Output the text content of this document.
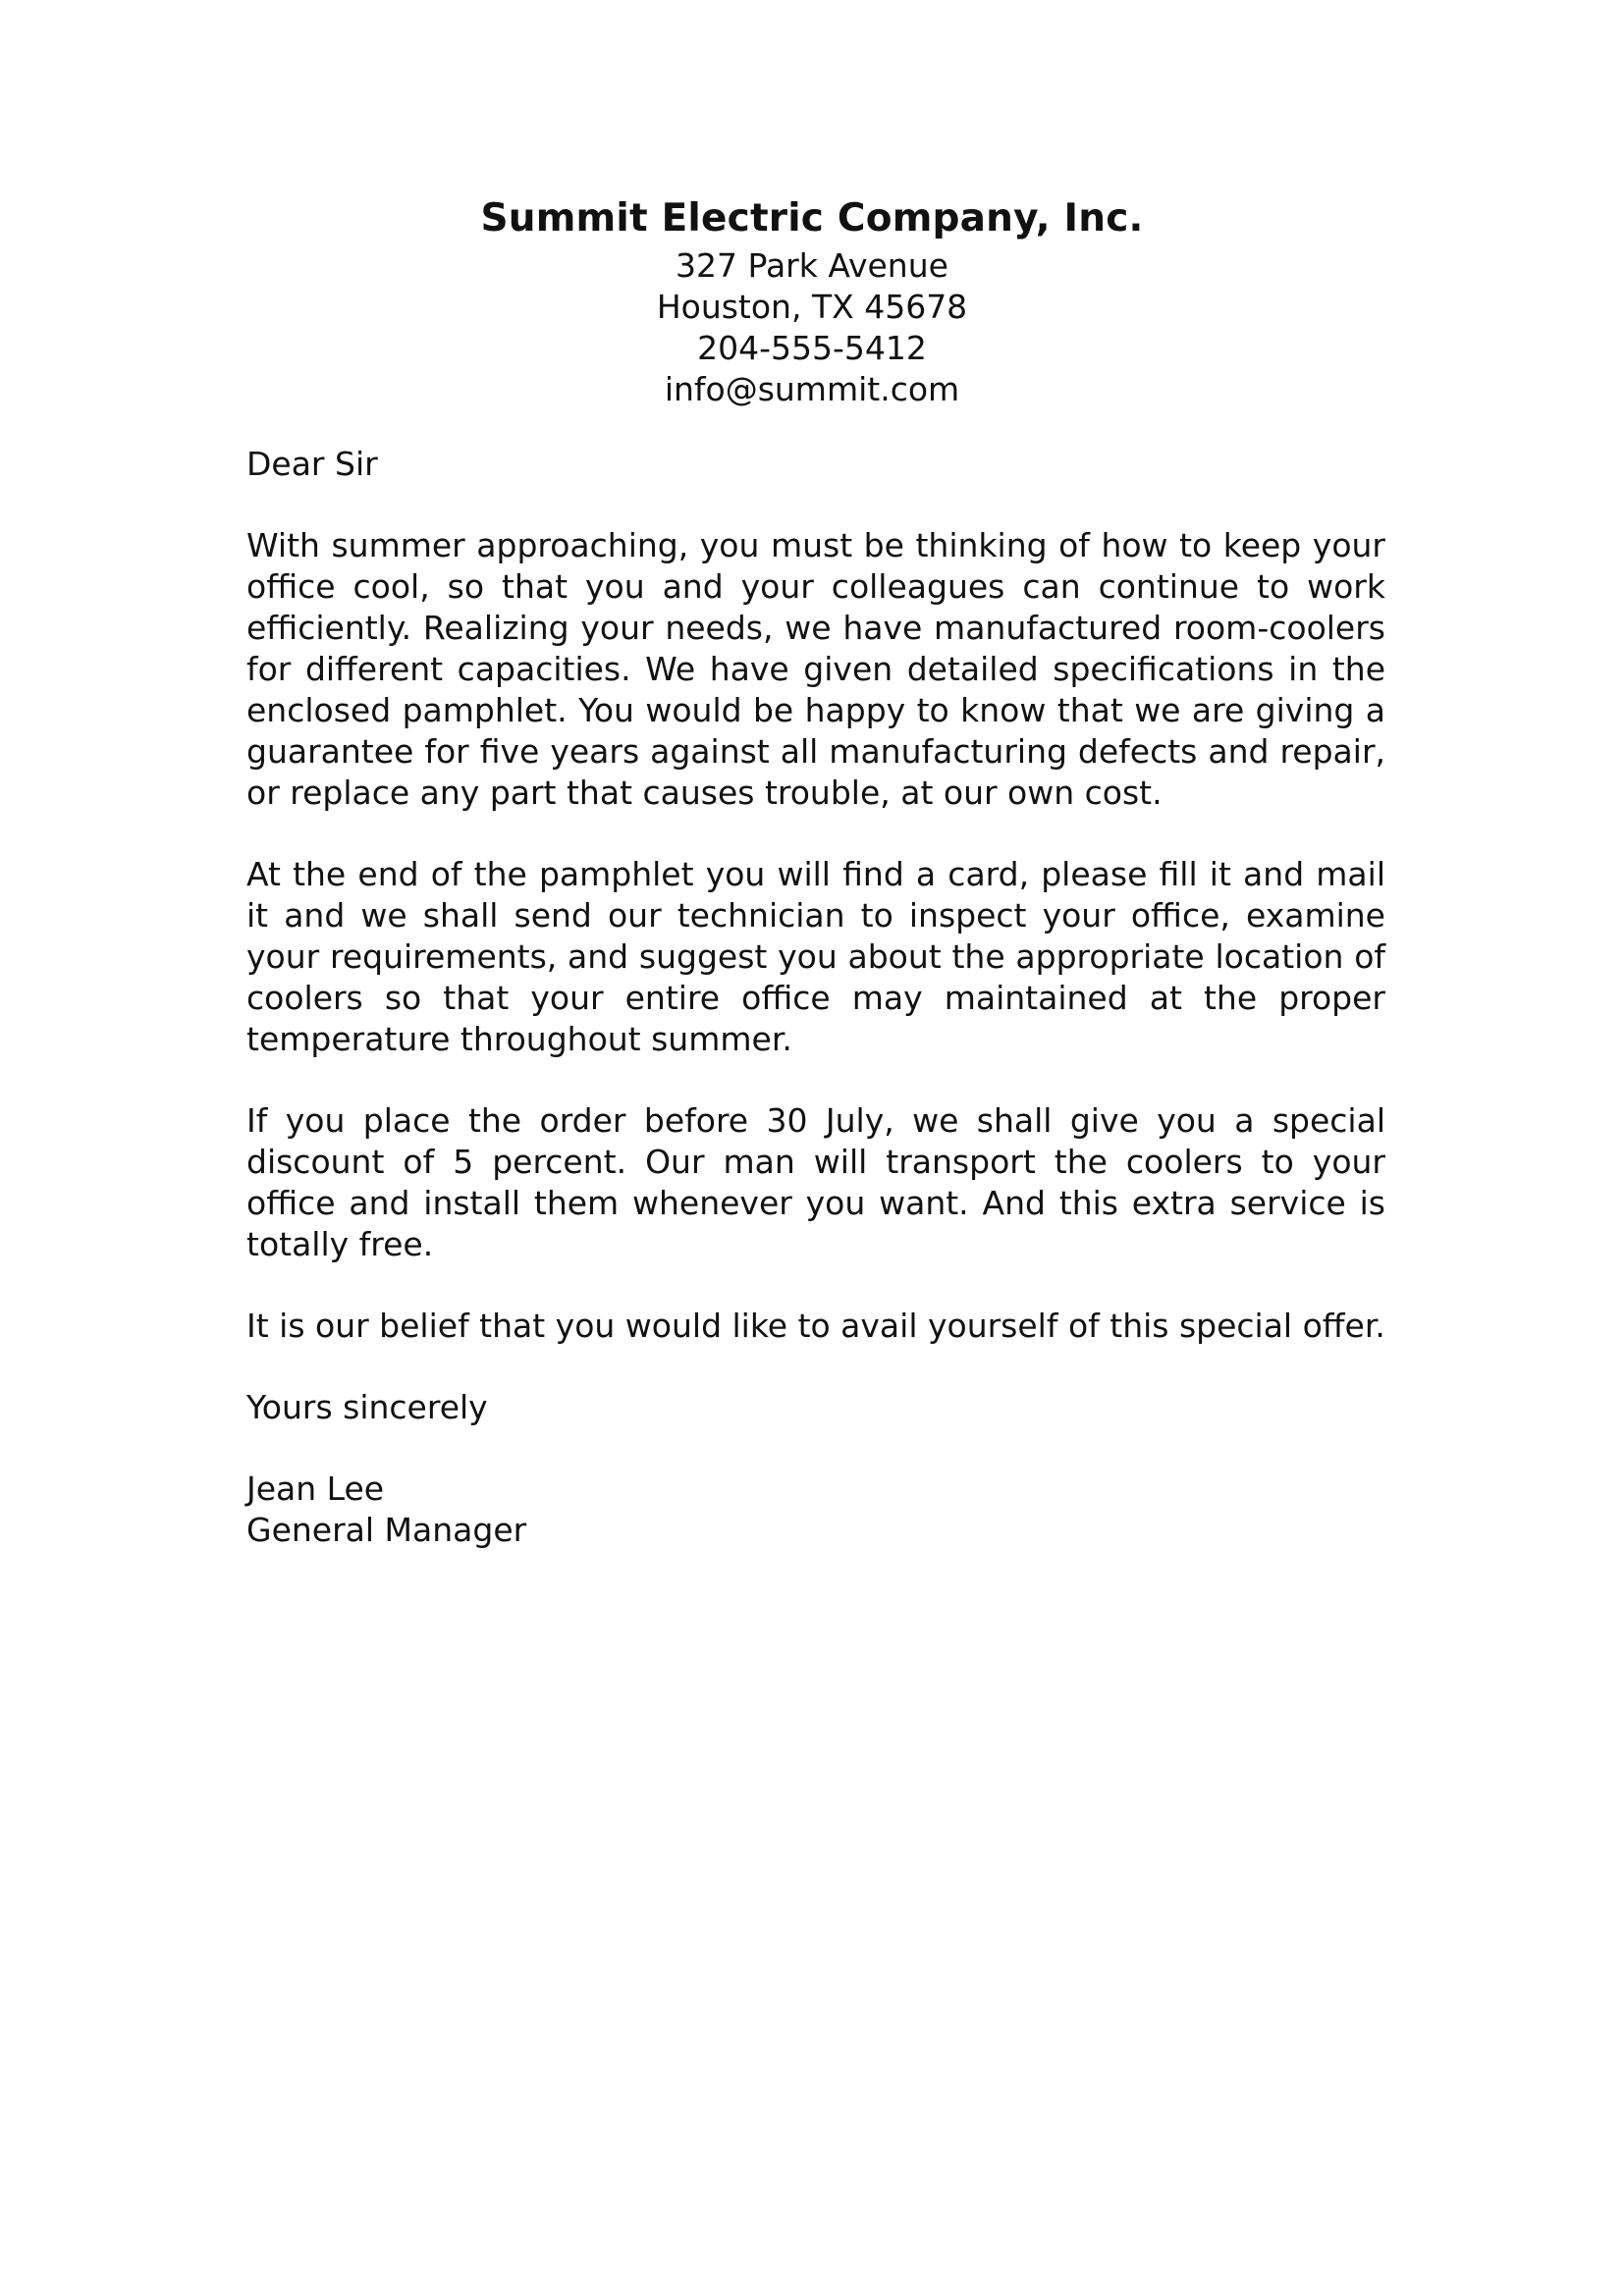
Summit Electric Company, Inc.
327 Park Avenue
Houston, TX 45678
204-555-5412
info@summit.com

Dear Sir

With summer approaching, you must be thinking of how to keep your office cool, so that you and your colleagues can continue to work efficiently. Realizing your needs, we have manufactured room-coolers for different capacities. We have given detailed specifications in the enclosed pamphlet. You would be happy to know that we are giving a guarantee for five years against all manufacturing defects and repair, or replace any part that causes trouble, at our own cost.

At the end of the pamphlet you will find a card, please fill it and mail it and we shall send our technician to inspect your office, examine your requirements, and suggest you about the appropriate location of coolers so that your entire office may maintained at the proper temperature throughout summer.

If you place the order before 30 July, we shall give you a special discount of 5 percent. Our man will transport the coolers to your office and install them whenever you want. And this extra service is totally free.

It is our belief that you would like to avail yourself of this special offer.

Yours sincerely

Jean Lee

General Manager
